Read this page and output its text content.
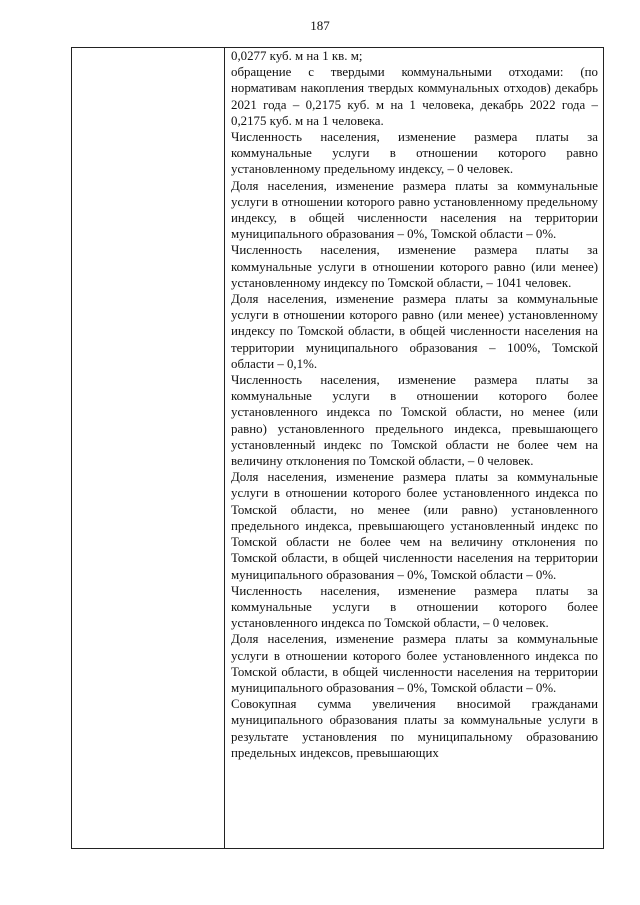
187

0,0277 куб. м на 1 кв. м;

обращение с твердыми коммунальными отходами: (по нормативам накопления твердых коммунальных отходов) декабрь 2021 года – 0,2175 куб. м на 1 человека, декабрь 2022 года – 0,2175 куб. м на 1 человека.

Численность населения, изменение размера платы за коммунальные услуги в отношении которого равно установленному предельному индексу, – 0 человек.

Доля населения, изменение размера платы за коммунальные услуги в отношении которого равно установленному предельному индексу, в общей численности населения на территории муниципального образования – 0%, Томской области – 0%.

Численность населения, изменение размера платы за коммунальные услуги в отношении которого равно (или менее) установленному индексу по Томской области, – 1041 человек.

Доля населения, изменение размера платы за коммунальные услуги в отношении которого равно (или менее) установленному индексу по Томской области, в общей численности населения на территории муниципального образования – 100%, Томской области – 0,1%.

Численность населения, изменение размера платы за коммунальные услуги в отношении которого более установленного индекса по Томской области, но менее (или равно) установленного предельного индекса, превышающего установленный индекс по Томской области не более чем на величину отклонения по Томской области, – 0 человек.

Доля населения, изменение размера платы за коммунальные услуги в отношении которого более установленного индекса по Томской области, но менее (или равно) установленного предельного индекса, превышающего установленный индекс по Томской области не более чем на величину отклонения по Томской области, в общей численности населения на территории муниципального образования – 0%, Томской области – 0%.

Численность населения, изменение размера платы за коммунальные услуги в отношении которого более установленного индекса по Томской области, – 0 человек.

Доля населения, изменение размера платы за коммунальные услуги в отношении которого более установленного индекса по Томской области, в общей численности населения на территории муниципального образования – 0%, Томской области – 0%.

Совокупная сумма увеличения вносимой гражданами муниципального образования платы за коммунальные услуги в результате установления по муниципальному образованию предельных индексов, превышающих
